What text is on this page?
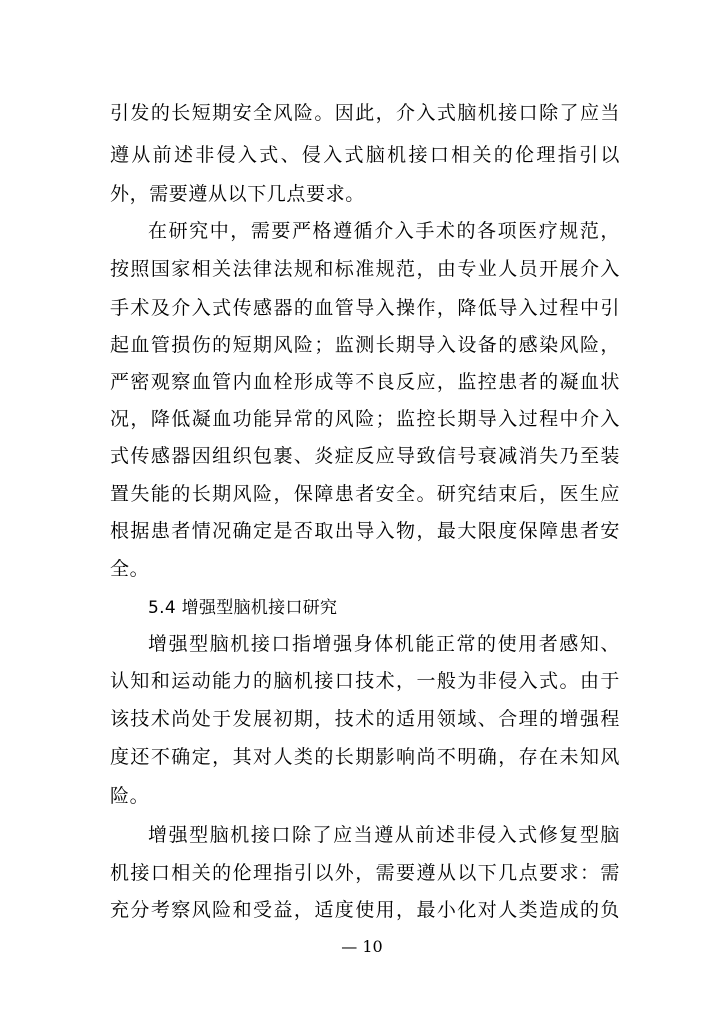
引发的长短期安全风险。因此，介入式脑机接口除了应当
遵从前述非侵入式、侵入式脑机接口相关的伦理指引以
外，需要遵从以下几点要求。
在研究中，需要严格遵循介入手术的各项医疗规范，
按照国家相关法律法规和标准规范，由专业人员开展介入
手术及介入式传感器的血管导入操作，降低导入过程中引
起血管损伤的短期风险；监测长期导入设备的感染风险，
严密观察血管内血栓形成等不良反应，监控患者的凝血状
况，降低凝血功能异常的风险；监控长期导入过程中介入
式传感器因组织包裹、炎症反应导致信号衰减消失乃至装
置失能的长期风险，保障患者安全。研究结束后，医生应
根据患者情况确定是否取出导入物，最大限度保障患者安
全。
5.4 增强型脑机接口研究
增强型脑机接口指增强身体机能正常的使用者感知、
认知和运动能力的脑机接口技术，一般为非侵入式。由于
该技术尚处于发展初期，技术的适用领域、合理的增强程
度还不确定，其对人类的长期影响尚不明确，存在未知风
险。
增强型脑机接口除了应当遵从前述非侵入式修复型脑
机接口相关的伦理指引以外，需要遵从以下几点要求：需
充分考察风险和受益，适度使用，最小化对人类造成的负
— 10
